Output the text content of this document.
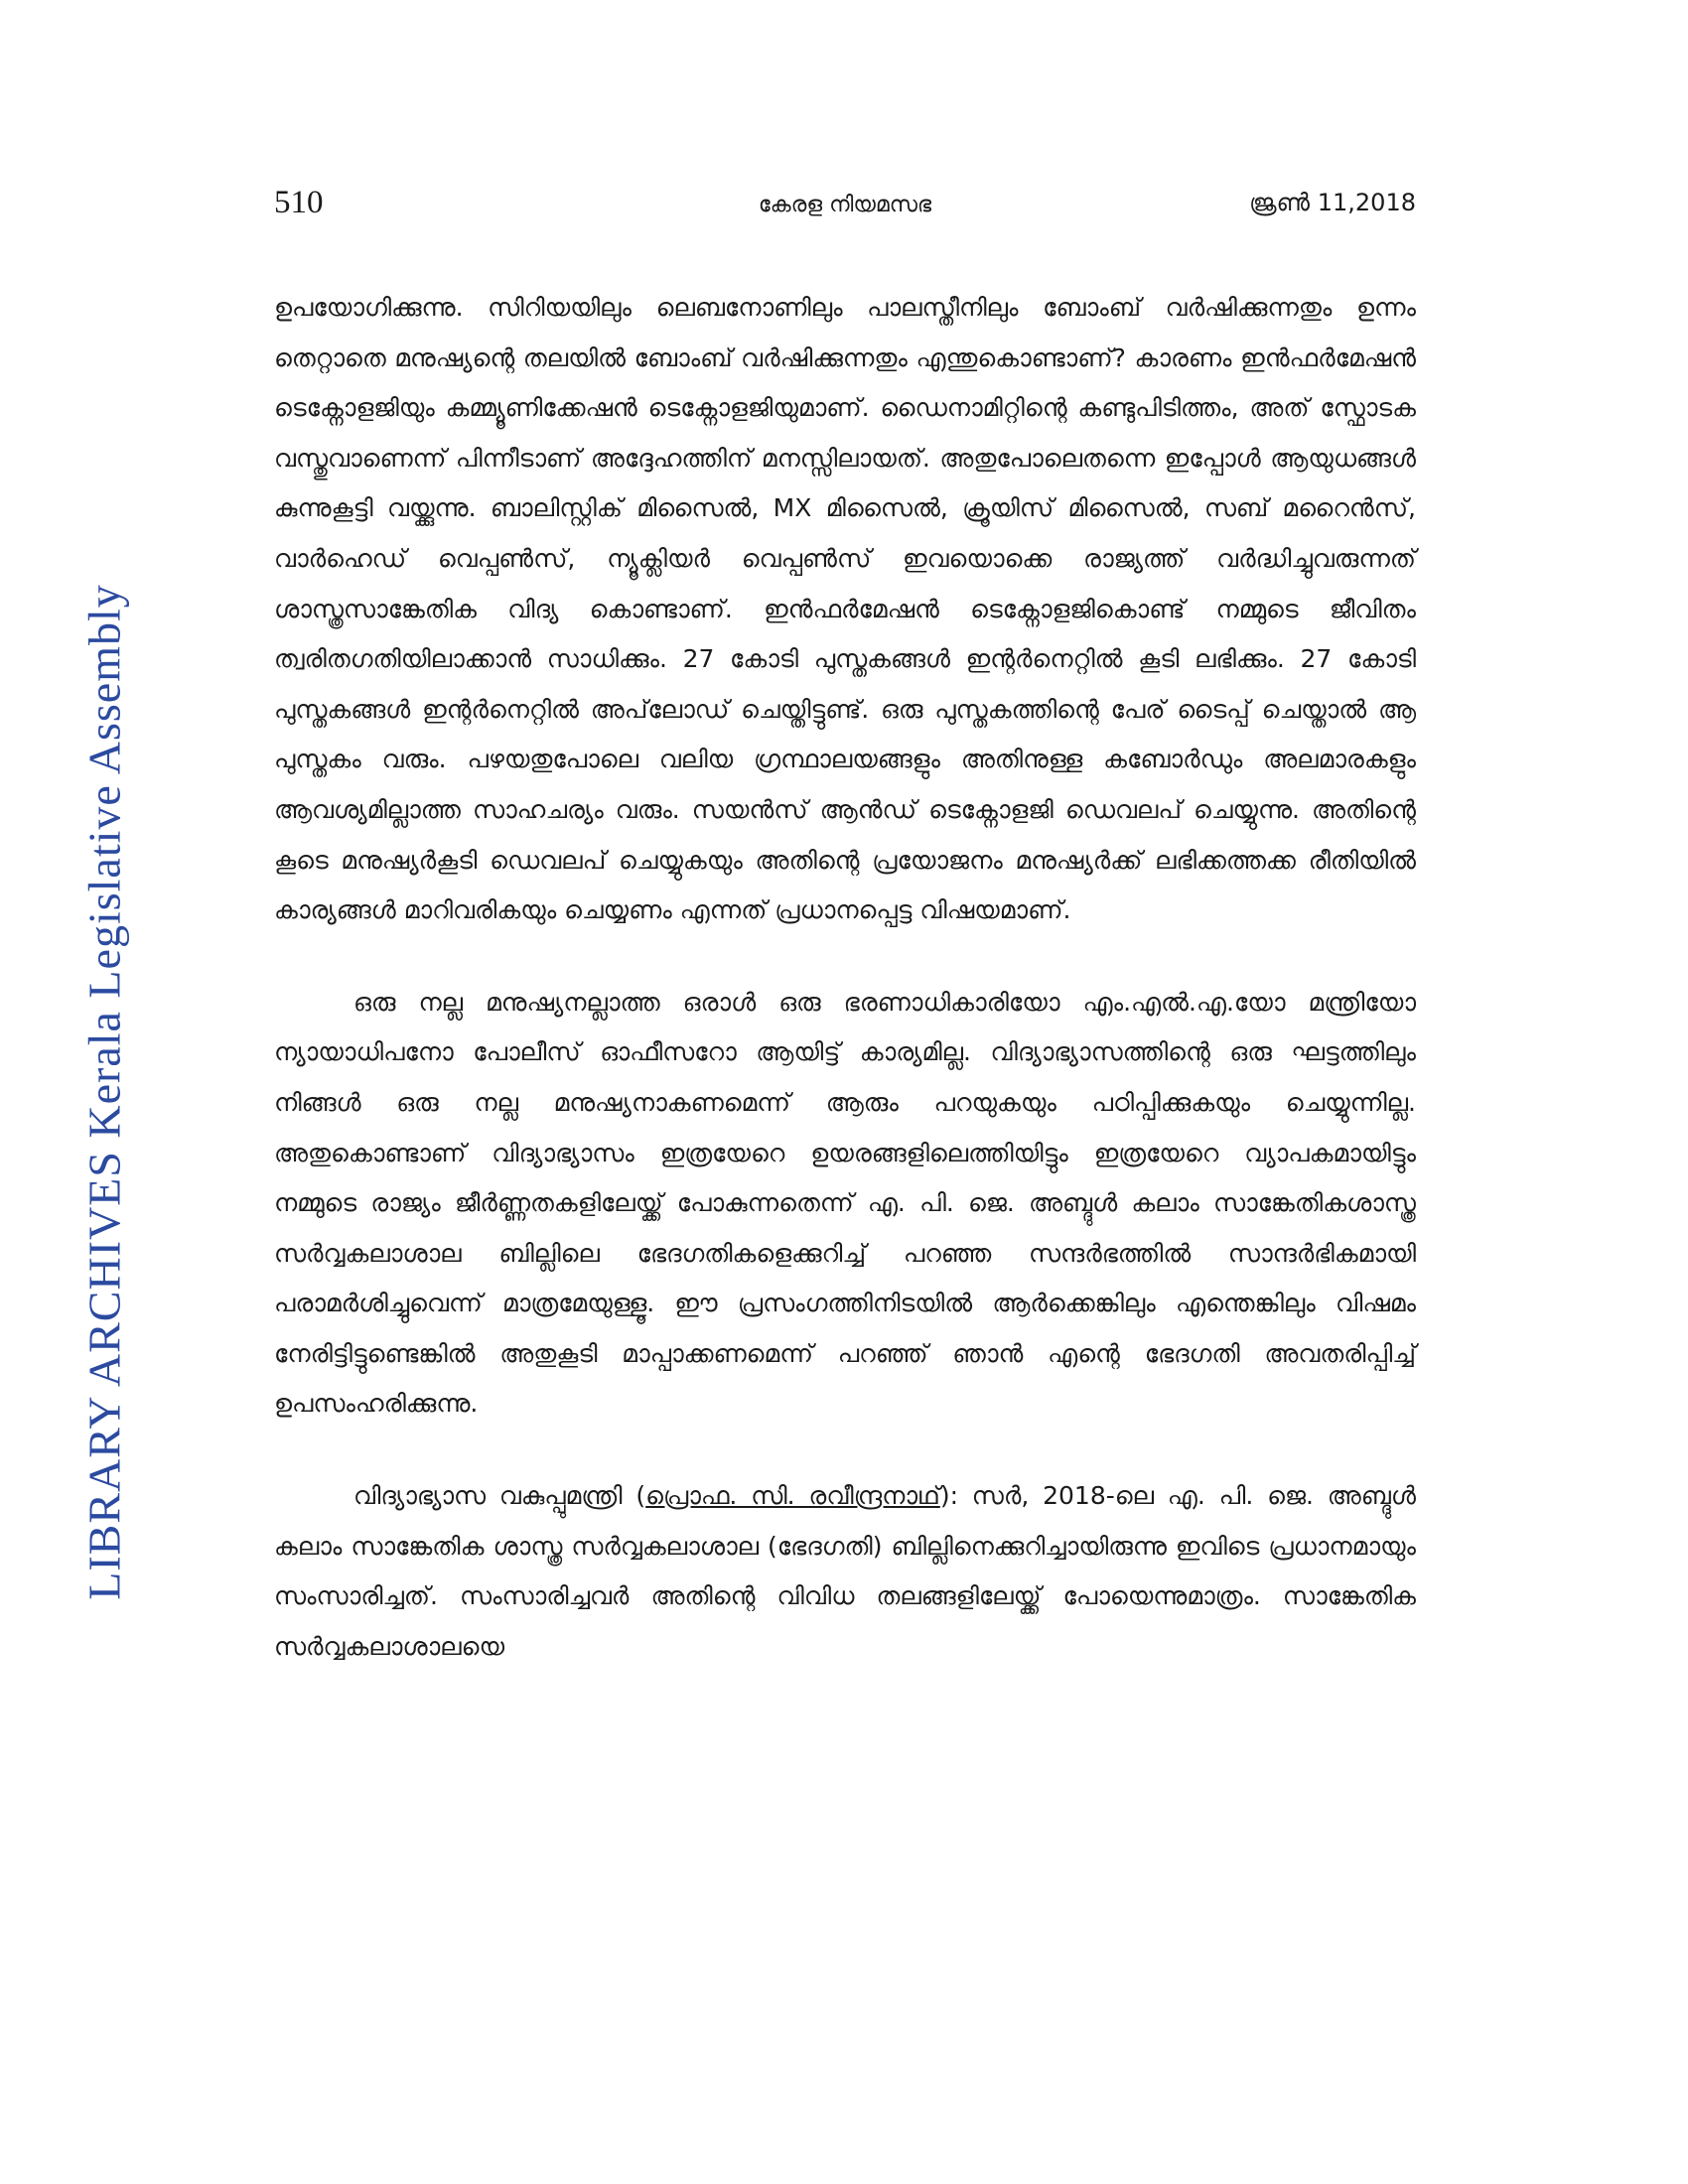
LIBRARY ARCHIVES Kerala Legislative Assembly
510	കേരള നിയമസഭ	ജ്രൺ 11,2018

ഉപയോഗിക്കുന്നു. സിറിയയിലും ലെബനോണിലും പാലസ്തീനിലും ബോംബ് വർഷിക്കുന്നതും ഉന്നം തെറ്റാതെ മനുഷ്യന്റെ തലയിൽ ബോംബ് വർഷിക്കുന്നതും എന്തുകൊണ്ടാണ്? കാരണം ഇൻഫർമേഷൻ ടെക്നോളജിയും കമ്മ്യൂണിക്കേഷൻ ടെക്നോളജിയുമാണ്. ഡൈനാമിറ്റിന്റെ കണ്ടുപിടിത്തം, അത് സ്ഫോടക വസ്തുവാണെന്ന് പിന്നീടാണ് അദ്ദേഹത്തിന് മനസ്സിലായത്. അതുപോലെതന്നെ ഇപ്പോൾ ആയുധങ്ങൾ കുന്നുകൂട്ടി വയ്ക്കുന്നു. ബാലിസ്റ്റിക് മിസൈൽ, MX മിസൈൽ, ക്രൂയിസ് മിസൈൽ, സബ് മറൈൻസ്, വാർഹെഡ് വെപ്പൺസ്, ന്യൂക്ലിയർ വെപ്പൺസ് ഇവയൊക്കെ രാജ്യത്ത് വർദ്ധിച്ചുവരുന്നത് ശാസ്ത്രസാങ്കേതിക വിദ്യ കൊണ്ടാണ്. ഇൻഫർമേഷൻ ടെക്നോളജികൊണ്ട് നമ്മുടെ ജീവിതം ത്വരിതഗതിയിലാക്കാൻ സാധിക്കും. 27 കോടി പുസ്തകങ്ങൾ ഇന്റർനെറ്റിൽ കൂടി ലഭിക്കും. 27 കോടി പുസ്തകങ്ങൾ ഇന്റർനെറ്റിൽ അപ്‌ലോഡ് ചെയ്തിട്ടുണ്ട്. ഒരു പുസ്തകത്തിന്റെ പേര് ടൈപ്പ് ചെയ്താൽ ആ പുസ്തകം വരും. പഴയതുപോലെ വലിയ ഗ്രന്ഥാലയങ്ങളും അതിനുള്ള കബോർഡും അലമാരകളും ആവശ്യമില്ലാത്ത സാഹചര്യം വരും. സയൻസ് ആൻഡ് ടെക്നോളജി ഡെവലപ് ചെയ്യുന്നു. അതിന്റെ കൂടെ മനുഷ്യർകൂടി ഡെവലപ് ചെയ്യുകയും അതിന്റെ പ്രയോജനം മനുഷ്യർക്ക് ലഭിക്കത്തക്ക രീതിയിൽ കാര്യങ്ങൾ മാറിവരികയും ചെയ്യണം എന്നത് പ്രധാനപ്പെട്ട വിഷയമാണ്.

ഒരു നല്ല മനുഷ്യനല്ലാത്ത ഒരാൾ ഒരു ഭരണാധികാരിയോ എം.എൽ.എ.യോ മന്ത്രിയോ ന്യായാധിപനോ പോലീസ് ഓഫീസറോ ആയിട്ട് കാര്യമില്ല. വിദ്യാഭ്യാസത്തിന്റെ ഒരു ഘട്ടത്തിലും നിങ്ങൾ ഒരു നല്ല മനുഷ്യനാകണമെന്ന് ആരും പറയുകയും പഠിപ്പിക്കുകയും ചെയ്യുന്നില്ല. അതുകൊണ്ടാണ് വിദ്യാഭ്യാസം ഇത്രയേറെ ഉയരങ്ങളിലെത്തിയിട്ടും ഇത്രയേറെ വ്യാപകമായിട്ടും നമ്മുടെ രാജ്യം ജീർണ്ണതകളിലേയ്ക്ക് പോകുന്നതെന്ന് എ. പി. ജെ. അബ്ദുൾ കലാം സാങ്കേതികശാസ്ത്ര സർവ്വകലാശാല ബില്ലിലെ ഭേദഗതികളെക്കുറിച്ച് പറഞ്ഞ സന്ദർഭത്തിൽ സാന്ദർഭികമായി പരാമർശിച്ചുവെന്ന് മാത്രമേയുള്ളൂ. ഈ പ്രസംഗത്തിനിടയിൽ ആർക്കെങ്കിലും എന്തെങ്കിലും വിഷമം നേരിട്ടിട്ടുണ്ടെങ്കിൽ അതുകൂടി മാപ്പാക്കണമെന്ന് പറഞ്ഞ് ഞാൻ എന്റെ ഭേദഗതി അവതരിപ്പിച്ച് ഉപസംഹരിക്കുന്നു.

വിദ്യാഭ്യാസ വകുപ്പുമന്ത്രി (പ്രൊഫ. സി. രവീന്ദ്രനാഥ്): സർ, 2018-ലെ എ. പി. ജെ. അബ്ദുൾ കലാം സാങ്കേതിക ശാസ്ത്ര സർവ്വകലാശാല (ഭേദഗതി) ബില്ലിനെക്കുറിച്ചായിരുന്നു ഇവിടെ പ്രധാനമായും സംസാരിച്ചത്. സംസാരിച്ചവർ അതിന്റെ വിവിധ തലങ്ങളിലേയ്ക്ക് പോയെന്നുമാത്രം. സാങ്കേതിക സർവ്വകലാശാലയെ
